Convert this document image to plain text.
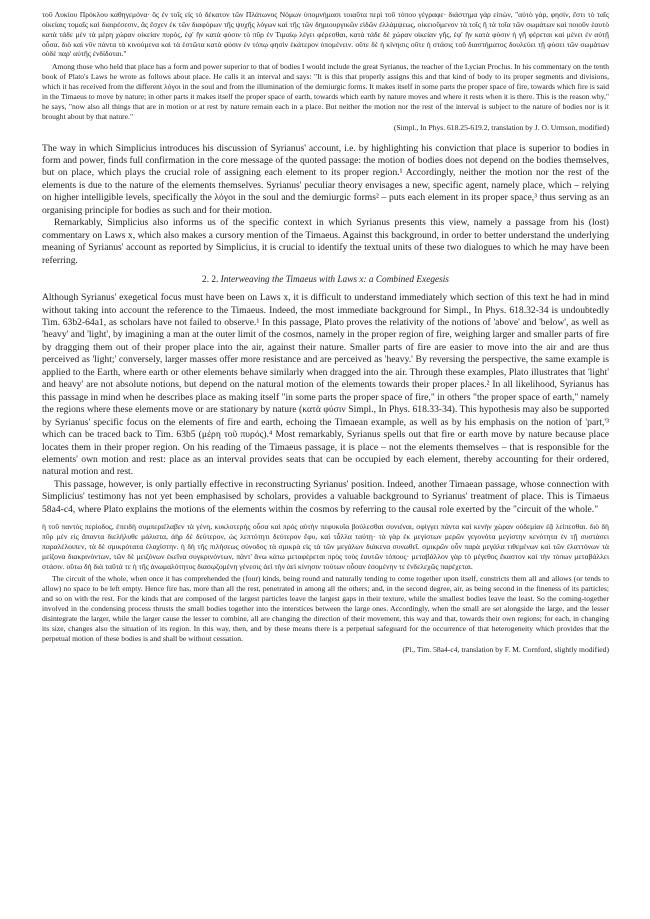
τοῦ Λυκίου Πρόκλου καθηγεμόνα· ὃς ἐν τοῖς εἰς τὸ δέκατον τῶν Πλάτωνος Νόμων ὑπομνήμασι τοιαῦτα περὶ τοῦ τόπου γέγραφε· διάστημα γάρ εἰπών, "αὐτὸ γάρ, φησίν, ἔστι τὸ ταῖς οἰκείαις τομαῖς καὶ διαιρέσεσιν, ἃς ἔσχεν ἐκ τῶν διαφόρων τῆς ψυχῆς λόγων καὶ τῆς τῶν δημιουργικῶν εἰδῶν ἐλλάμψεως, οἰκειοῦμενον τὰ τοῖς ἢ τὰ τοῖα τῶν σωμάτων καὶ ποιοῦν ἑαυτὸ κατὰ τάδε μὲν τὰ μέρη χώραν οἰκείαν πυρός, ἐφ' ἣν κατὰ φύσιν τὸ πῦρ ἐν Τιμαίῳ λέγει φέρεσθαι, κατὰ τάδε δὲ χώραν οἰκείαν γῆς, ἐφ' ἣν κατὰ φύσιν ἡ γῆ φέρεται καὶ μένει ἐν αὐτῇ οὖσα. διὸ καὶ νῦν πάντα τὰ κινούμενα καὶ τὰ ἑστῶτα κατὰ φύσιν ἐν τόπῳ φησὶν ἑκάτερον ὑπομένειν. οὔτε δὲ ἡ κίνησις οὔτε ἡ στάσις τοῦ διαστήματος δουλεύει τῇ φύσει τῶν σωμάτων οὐδὲ παρ' αὐτῆς ἐνδίδοται."

Among those who held that place has a form and power superior to that of bodies I would include the great Syrianus, the teacher of the Lycian Proclus. In his commentary on the tenth book of Plato's Laws he wrote as follows about place. He calls it an interval and says: "It is this that properly assigns this and that kind of body to its proper segments and divisions, which it has received from the different λόγοι in the soul and from the illumination of the demiurgic forms. It makes itself in some parts the proper space of fire, towards which fire is said in the Timaeus to move by nature; in other parts it makes itself the proper space of earth, towards which earth by nature moves and where it rests when it is there. This is the reason why," he says, "now also all things that are in motion or at rest by nature remain each in a place. But neither the motion nor the rest of the interval is subject to the nature of bodies nor is it brought about by that nature."

(Simpl., In Phys. 618.25-619.2, translation by J. O. Urmson, modified)

The way in which Simplicius introduces his discussion of Syrianus' account, i.e. by highlighting his conviction that place is superior to bodies in form and power, finds full confirmation in the core message of the quoted passage: the motion of bodies does not depend on the bodies themselves, but on place, which plays the crucial role of assigning each element to its proper region.¹ Accordingly, neither the motion nor the rest of the elements is due to the nature of the elements themselves. Syrianus' peculiar theory envisages a new, specific agent, namely place, which – relying on higher intelligible levels, specifically the λόγοι in the soul and the demiurgic forms² – puts each element in its proper space,³ thus serving as an organising principle for bodies as such and for their motion.

Remarkably, Simplicius also informs us of the specific context in which Syrianus presents this view, namely a passage from his (lost) commentary on Laws x, which also makes a cursory mention of the Timaeus. Against this background, in order to better understand the underlying meaning of Syrianus' account as reported by Simplicius, it is crucial to identify the textual units of these two dialogues to which he may have been referring.

2. 2. Interweaving the Timaeus with Laws x: a Combined Exegesis

Although Syrianus' exegetical focus must have been on Laws x, it is difficult to understand immediately which section of this text he had in mind without taking into account the reference to the Timaeus. Indeed, the most immediate background for Simpl., In Phys. 618.32-34 is undoubtedly Tim. 63b2-64a1, as scholars have not failed to observe.¹ In this passage, Plato proves the relativity of the notions of 'above' and 'below', as well as 'heavy' and 'light', by imagining a man at the outer limit of the cosmos, namely in the proper region of fire, weighing larger and smaller parts of fire by dragging them out of their proper place into the air, against their nature. Smaller parts of fire are easier to move into the air and are thus perceived as 'light;' conversely, larger masses offer more resistance and are perceived as 'heavy.' By reversing the perspective, the same example is applied to the Earth, where earth or other elements behave similarly when dragged into the air. Through these examples, Plato illustrates that 'light' and heavy' are not absolute notions, but depend on the natural motion of the elements towards their proper places.² In all likelihood, Syrianus has this passage in mind when he describes place as making itself "in some parts the proper space of fire," in others "the proper space of earth," namely the regions where these elements move or are stationary by nature (κατὰ φύσιν Simpl., In Phys. 618.33-34). This hypothesis may also be supported by Syrianus' specific focus on the elements of fire and earth, echoing the Timaean example, as well as by his emphasis on the notion of 'part,'³ which can be traced back to Tim. 63b5 (μέρη τοῦ πυρός).⁴ Most remarkably, Syrianus spells out that fire or earth move by nature because place locates them in their proper region. On his reading of the Timaeus passage, it is place – not the elements themselves – that is responsible for the elements' own motion and rest: place as an interval provides seats that can be occupied by each element, thereby accounting for their ordered, natural motion and rest.

This passage, however, is only partially effective in reconstructing Syrianus' position. Indeed, another Timaean passage, whose connection with Simplicius' testimony has not yet been emphasised by scholars, provides a valuable background to Syrianus' treatment of place. This is Timaeus 58a4-c4, where Plato explains the motions of the elements within the cosmos by referring to the causal role exerted by the "circuit of the whole."

ἡ τοῦ παντὸς περίοδος, ἐπειδὴ συμπεριέλαβεν τὰ γένη, κυκλοτερὴς οὖσα καὶ πρὸς αὑτὴν πεφυκυῖα βούλεσθαι συνιέναι, σφίγγει πάντα καὶ κενὴν χώραν οὐδεμίαν ἐᾷ λείπεσθαι. διὸ δὴ πῦρ μὲν εἰς ἅπαντα διελήλυθε μάλιστα, ἀὴρ δὲ δεύτερον, ὡς λεπτότητι δεύτερον ἔφυ, καὶ τἆλλα ταύτῃ· τὰ γὰρ ἐκ μεγίστων μερῶν γεγονότα μεγίστην κενότητα ἐν τῇ συστάσει παραλέλοιπεν, τὰ δὲ σμικρότατα ἐλαχίστην. ἡ δὴ τῆς πιλήσεως σύνοδος τὰ σμικρὰ εἰς τὰ τῶν μεγάλων διάκενα συνωθεῖ. σμικρῶν οὖν παρὰ μεγάλα τιθεμένων καὶ τῶν ἐλαττόνων τὰ μείζονα διακρινόντων, τῶν δὲ μειζόνων ἐκεῖνα συγκρινόντων, πάντ' ἄνω κάτω μεταφέρεται πρὸς τοὺς ἑαυτῶν τόπους· μεταβάλλον γὰρ τὸ μέγεθος ἕκαστον καὶ τὴν τόπων μεταβάλλει στάσιν. οὕτω δὴ διὰ ταῦτά τε ἡ τῆς ἀνωμαλότητος διασῳζομένη γένεσις ἀεὶ τὴν ἀεὶ κίνησιν τούτων οὖσαν ἐσομένην τε ἐνδελεχῶς παρέχεται.

The circuit of the whole, when once it has comprehended the (four) kinds, being round and naturally tending to come together upon itself, constricts them all and allows (or tends to allow) no space to be left empty. Hence fire has, more than all the rest, penetrated in among all the others; and, in the second degree, air, as being second in the fineness of its particles; and so on with the rest. For the kinds that are composed of the largest particles leave the largest gaps in their texture, while the smallest bodies leave the least. So the coming-together involved in the condensing process thrusts the small bodies together into the interstices between the large ones. Accordingly, when the small are set alongside the large, and the lesser disintegrate the larger, while the larger cause the lesser to combine, all are changing the direction of their movement, this way and that, towards their own regions; for each, in changing its size, changes also the situation of its region. In this way, then, and by these means there is a perpetual safeguard for the occurrence of that heterogeneity which provides that the perpetual motion of these bodies is and shall be without cessation.

(Pl., Tim. 58a4-c4, translation by F. M. Cornford, slightly modified)
